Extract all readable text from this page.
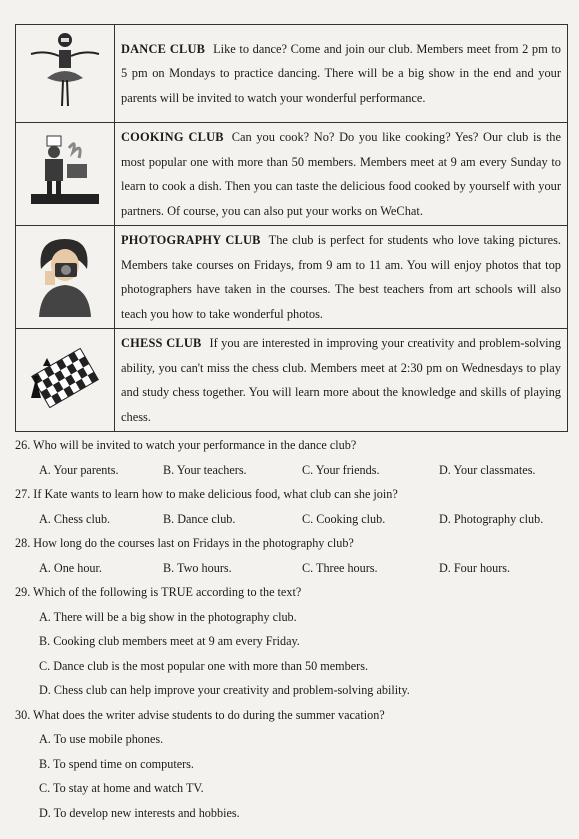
	DANCE CLUB Like to dance? Come and join our club. Members meet from 2 pm to 5 pm on Mondays to practice dancing. There will be a big show in the end and your parents will be invited to watch your wonderful performance.
	COOKING CLUB Can you cook? No? Do you like cooking? Yes? Our club is the most popular one with more than 50 members. Members meet at 9 am every Sunday to learn to cook a dish. Then you can taste the delicious food cooked by yourself with your partners. Of course, you can also put your works on WeChat.
	PHOTOGRAPHY CLUB The club is perfect for students who love taking pictures. Members take courses on Fridays, from 9 am to 11 am. You will enjoy photos that top photographers have taken in the courses. The best teachers from art schools will also teach you how to take wonderful photos.
	CHESS CLUB If you are interested in improving your creativity and problem-solving ability, you can't miss the chess club. Members meet at 2:30 pm on Wednesdays to play and study chess together. You will learn more about the knowledge and skills of playing chess.
26. Who will be invited to watch your performance in the dance club?
A. Your parents.	B. Your teachers.	C. Your friends.	D. Your classmates.
27. If Kate wants to learn how to make delicious food, what club can she join?
A. Chess club.	B. Dance club.	C. Cooking club.	D. Photography club.
28. How long do the courses last on Fridays in the photography club?
A. One hour.	B. Two hours.	C. Three hours.	D. Four hours.
29. Which of the following is TRUE according to the text?
A. There will be a big show in the photography club.
B. Cooking club members meet at 9 am every Friday.
C. Dance club is the most popular one with more than 50 members.
D. Chess club can help improve your creativity and problem-solving ability.
30. What does the writer advise students to do during the summer vacation?
A. To use mobile phones.
B. To spend time on computers.
C. To stay at home and watch TV.
D. To develop new interests and hobbies.
